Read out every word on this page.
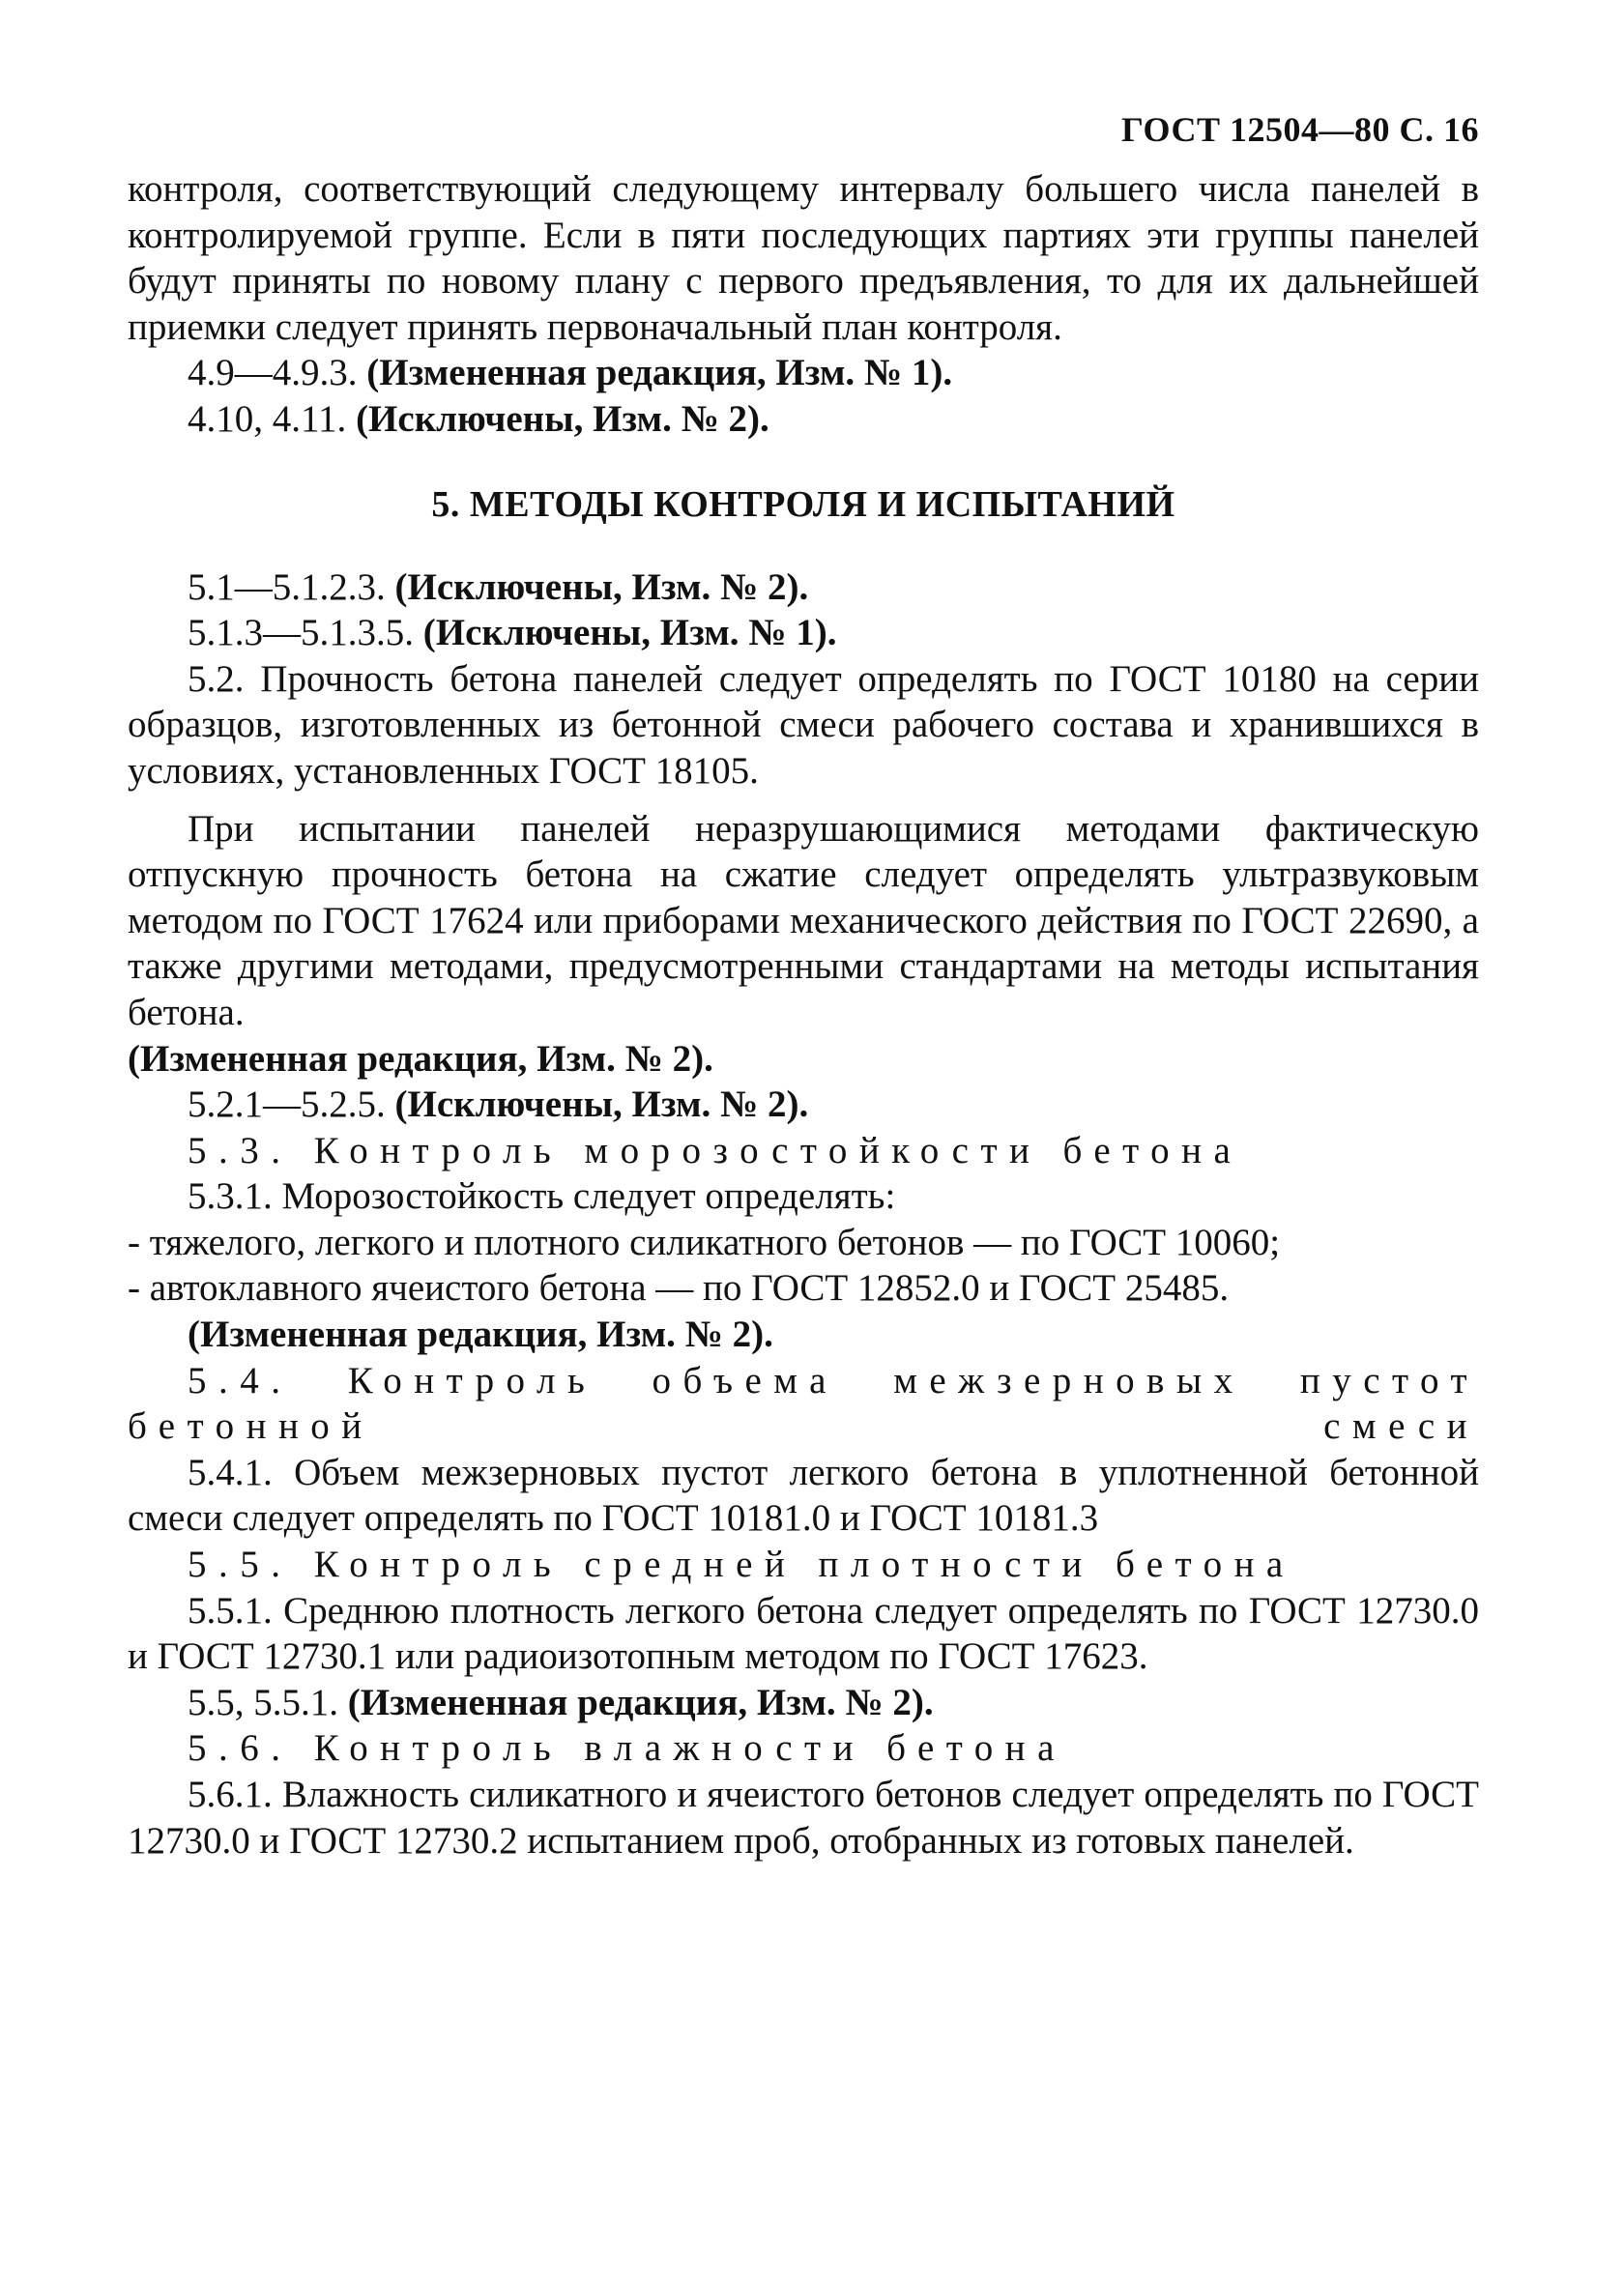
ГОСТ 12504—80 С. 16

контроля, соответствующий следующему интервалу большего числа панелей в контролируемой группе. Если в пяти последующих партиях эти группы панелей будут приняты по новому плану с первого предъявления, то для их дальнейшей приемки следует принять первоначальный план контроля.

4.9—4.9.3. (Измененная редакция, Изм. № 1).

4.10, 4.11. (Исключены, Изм. № 2).

5. МЕТОДЫ КОНТРОЛЯ И ИСПЫТАНИЙ

5.1—5.1.2.3. (Исключены, Изм. № 2).

5.1.3—5.1.3.5. (Исключены, Изм. № 1).

5.2. Прочность бетона панелей следует определять по ГОСТ 10180 на серии образцов, изготовленных из бетонной смеси рабочего состава и хранившихся в условиях, установленных ГОСТ 18105.

При испытании панелей неразрушающимися методами фактическую отпускную прочность бетона на сжатие следует определять ультразвуковым методом по ГОСТ 17624 или приборами механического действия по ГОСТ 22690, а также другими методами, предусмотренными стандартами на методы испытания бетона.

(Измененная редакция, Изм. № 2).

5.2.1—5.2.5. (Исключены, Изм. № 2).

5.3. Контроль морозостойкости бетона

5.3.1. Морозостойкость следует определять:

- тяжелого, легкого и плотного силикатного бетонов — по ГОСТ 10060;

- автоклавного ячеистого бетона — по ГОСТ 12852.0 и ГОСТ 25485.

(Измененная редакция, Изм. № 2).

5.4. Контроль объема межзерновых пустот бетонной смеси

5.4.1. Объем межзерновых пустот легкого бетона в уплотненной бетонной смеси следует определять по ГОСТ 10181.0 и ГОСТ 10181.3

5.5. Контроль средней плотности бетона

5.5.1. Среднюю плотность легкого бетона следует определять по ГОСТ 12730.0 и ГОСТ 12730.1 или радиоизотопным методом по ГОСТ 17623.

5.5, 5.5.1. (Измененная редакция, Изм. № 2).

5.6. Контроль влажности бетона

5.6.1. Влажность силикатного и ячеистого бетонов следует определять по ГОСТ 12730.0 и ГОСТ 12730.2 испытанием проб, отобранных из готовых панелей.
